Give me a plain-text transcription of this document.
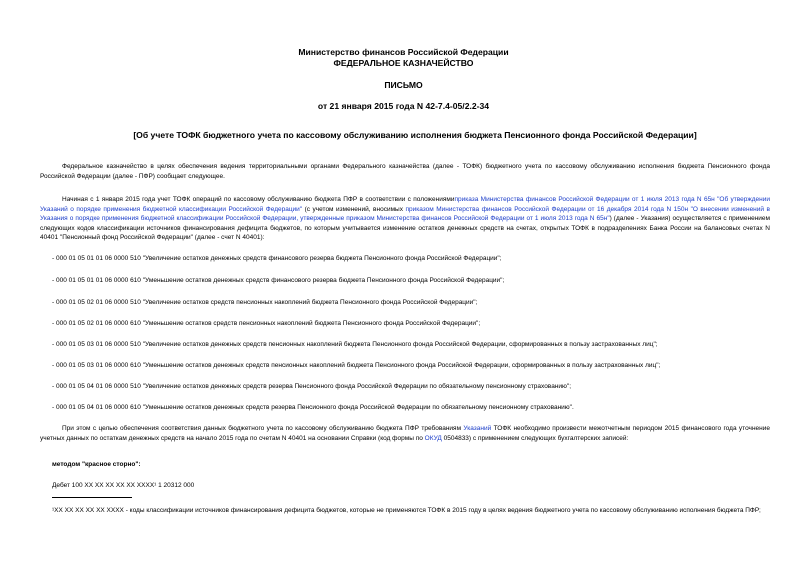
Министерство финансов Российской Федерации
ФЕДЕРАЛЬНОЕ КАЗНАЧЕЙСТВО
ПИСЬМО
от 21 января 2015 года N 42-7.4-05/2.2-34
[Об учете ТОФК бюджетного учета по кассовому обслуживанию исполнения бюджета Пенсионного фонда Российской Федерации]

Федеральное казначейство в целях обеспечения ведения территориальными органами Федерального казначейства (далее - ТОФК) бюджетного учета по кассовому обслуживанию исполнения бюджета Пенсионного фонда Российской Федерации (далее - ПФР) сообщает следующее.

Начиная с 1 января 2015 года учет ТОФК операций по кассовому обслуживанию бюджета ПФР в соответствии с положениямиприказа Министерства финансов Российской Федерации от 1 июля 2013 года N 65н "Об утверждении Указаний о порядке применения бюджетной классификации Российской Федерации" (с учетом изменений, вносимых приказом Министерства финансов Российской Федерации от 16 декабря 2014 года N 150н "О внесении изменений в Указания о порядке применения бюджетной классификации Российской Федерации, утвержденные приказом Министерства финансов Российской Федерации от 1 июля 2013 года N 65н") (далее - Указания) осуществляется с применением следующих кодов классификации источников финансирования дефицита бюджетов, по которым учитывается изменение остатков денежных средств на счетах, открытых ТОФК в подразделениях Банка России на балансовых счетах N 40401 "Пенсионный фонд Российской Федерации" (далее - счет N 40401):

- 000 01 05 01 01 06 0000 510 "Увеличение остатков денежных средств финансового резерва бюджета Пенсионного фонда Российской Федерации";

- 000 01 05 01 01 06 0000 610 "Уменьшение остатков денежных средств финансового резерва бюджета Пенсионного фонда Российской Федерации";

- 000 01 05 02 01 06 0000 510 "Увеличение остатков средств пенсионных накоплений бюджета Пенсионного фонда Российской Федерации";

- 000 01 05 02 01 06 0000 610 "Уменьшение остатков средств пенсионных накоплений бюджета Пенсионного фонда Российской Федерации";

- 000 01 05 03 01 06 0000 510 "Увеличение остатков денежных средств пенсионных накоплений бюджета Пенсионного фонда Российской Федерации, сформированных в пользу застрахованных лиц";

- 000 01 05 03 01 06 0000 610 "Уменьшение остатков денежных средств пенсионных накоплений бюджета Пенсионного фонда Российской Федерации, сформированных в пользу застрахованных лиц";

- 000 01 05 04 01 06 0000 510 "Увеличение остатков денежных средств резерва Пенсионного фонда Российской Федерации по обязательному пенсионному страхованию";

- 000 01 05 04 01 06 0000 610 "Уменьшение остатков денежных средств резерва Пенсионного фонда Российской Федерации по обязательному пенсионному страхованию".

При этом с целью обеспечения соответствия данных бюджетного учета по кассовому обслуживанию бюджета ПФР требованиям Указаний ТОФК необходимо произвести межотчетным периодом 2015 финансового года уточнение учетных данных по остаткам денежных средств на начало 2015 года по счетам N 40401 на основании Справки (код формы по ОКУД 0504833) с применением следующих бухгалтерских записей:

методом "красное сторно":

Дебет 100 XX XX XX XX XX XXXX¹ 1 20312 000

¹XX XX XX XX XX XXXX - коды классификации источников финансирования дефицита бюджетов, которые не применяются ТОФК в 2015 году в целях ведения бюджетного учета по кассовому обслуживанию исполнения бюджета ПФР;
